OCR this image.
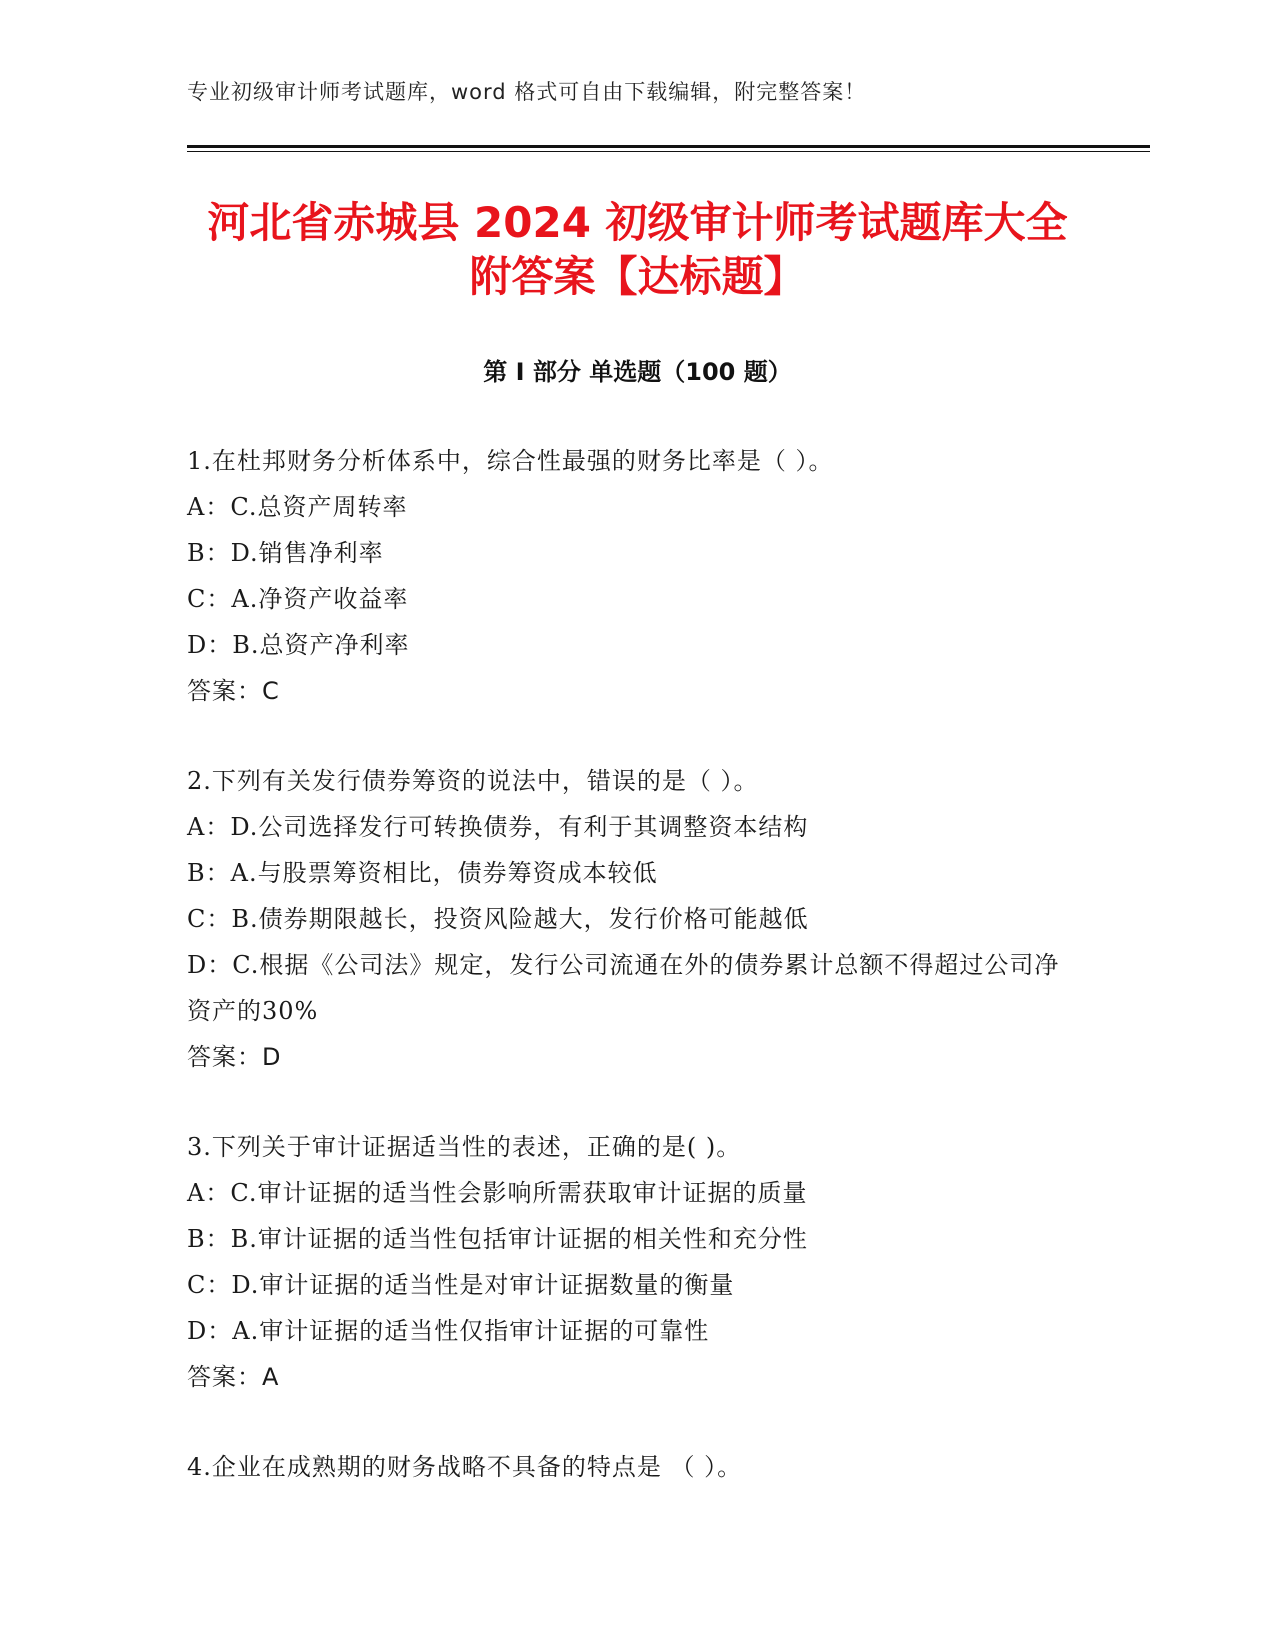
专业初级审计师考试题库，word 格式可自由下载编辑，附完整答案！
河北省赤城县 2024 初级审计师考试题库大全
附答案【达标题】
第 I 部分 单选题（100 题）
1.在杜邦财务分析体系中，综合性最强的财务比率是（ ）。
A：C.总资产周转率
B：D.销售净利率
C：A.净资产收益率
D：B.总资产净利率
答案：C
2.下列有关发行债券筹资的说法中，错误的是（ ）。
A：D.公司选择发行可转换债券，有利于其调整资本结构
B：A.与股票筹资相比，债券筹资成本较低
C：B.债券期限越长，投资风险越大，发行价格可能越低
D：C.根据《公司法》规定，发行公司流通在外的债券累计总额不得超过公司净资产的30%
答案：D
3.下列关于审计证据适当性的表述，正确的是( )。
A：C.审计证据的适当性会影响所需获取审计证据的质量
B：B.审计证据的适当性包括审计证据的相关性和充分性
C：D.审计证据的适当性是对审计证据数量的衡量
D：A.审计证据的适当性仅指审计证据的可靠性
答案：A
4.企业在成熟期的财务战略不具备的特点是 （ ）。
